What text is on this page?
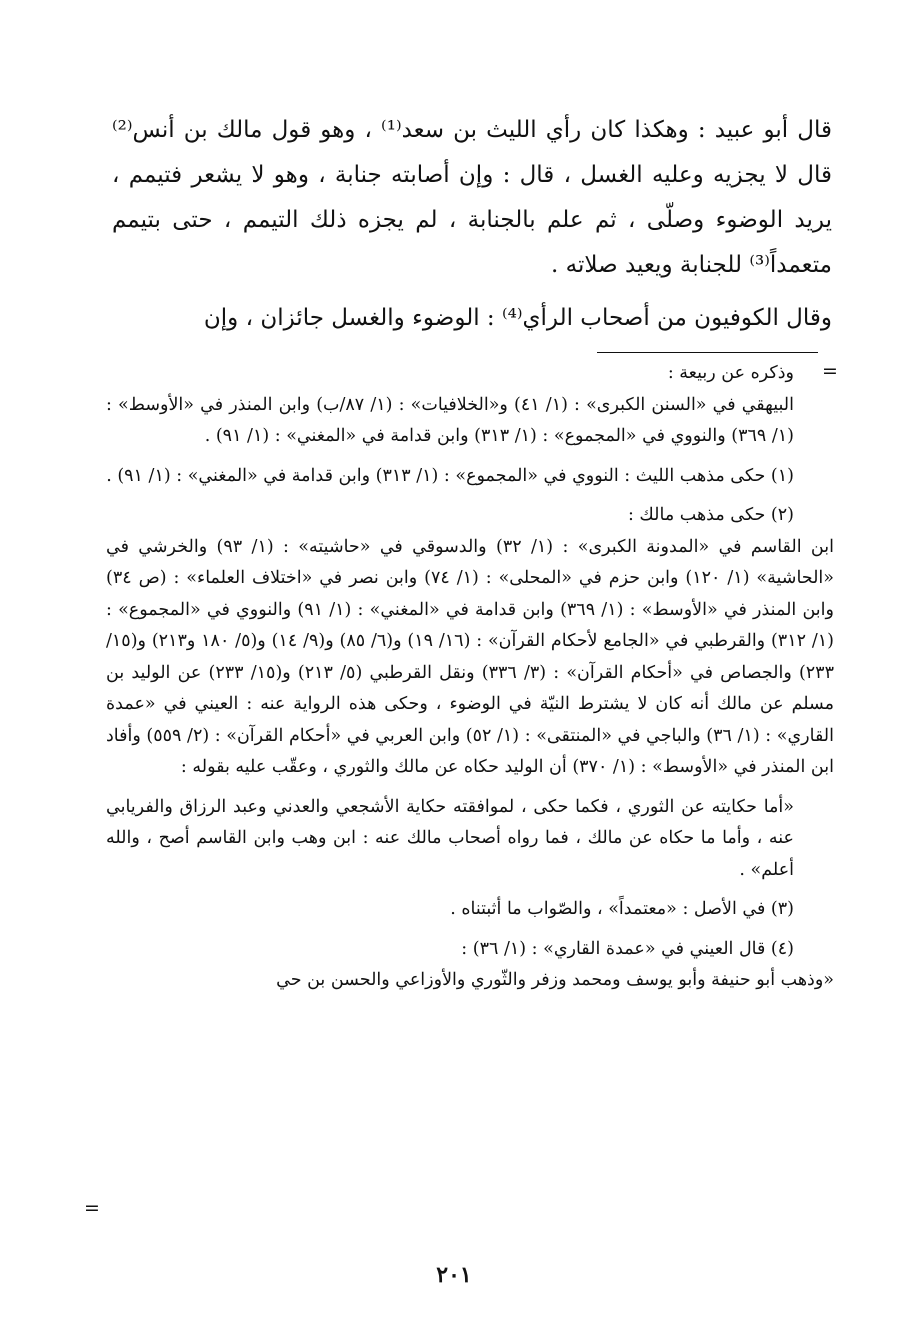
قال أبو عبيد : وهكذا كان رأي الليث بن سعد⁽¹⁾ ، وهو قول مالك بن أنس⁽²⁾ قال لا يجزيه وعليه الغسل ، قال : وإن أصابته جنابة ، وهو لا يشعر فتيمم ، يريد الوضوء وصلّى ، ثم علم بالجنابة ، لم يجزه ذلك التيمم ، حتى بتيمم متعمداً⁽³⁾ للجنابة ويعيد صلاته .

وقال الكوفيون من أصحاب الرأي⁽⁴⁾ : الوضوء والغسل جائزان ، وإن

=

وذكره عن ربيعة :

البيهقي في «السنن الكبرى» : (١/ ٤١) و«الخلافيات» : (١/ ٨٧/ب) وابن المنذر في «الأوسط» : (١/ ٣٦٩) والنووي في «المجموع» : (١/ ٣١٣) وابن قدامة في «المغني» : (١/ ٩١) .

(١) حكى مذهب الليث : النووي في «المجموع» : (١/ ٣١٣) وابن قدامة في «المغني» : (١/ ٩١) .

(٢) حكى مذهب مالك :

ابن القاسم في «المدونة الكبرى» : (١/ ٣٢) والدسوقي في «حاشيته» : (١/ ٩٣) والخرشي في «الحاشية» (١/ ١٢٠) وابن حزم في «المحلى» : (١/ ٧٤) وابن نصر في «اختلاف العلماء» : (ص ٣٤) وابن المنذر في «الأوسط» : (١/ ٣٦٩) وابن قدامة في «المغني» : (١/ ٩١) والنووي في «المجموع» : (١/ ٣١٢) والقرطبي في «الجامع لأحكام القرآن» : (١٦/ ١٩) و(٦/ ٨٥) و(٩/ ١٤) و(٥/ ١٨٠ و٢١٣) و(١٥/ ٢٣٣) والجصاص في «أحكام القرآن» : (٣/ ٣٣٦) ونقل القرطبي (٥/ ٢١٣) و(١٥/ ٢٣٣) عن الوليد بن مسلم عن مالك أنه كان لا يشترط النيّة في الوضوء ، وحكى هذه الرواية عنه : العيني في «عمدة القاري» : (١/ ٣٦) والباجي في «المنتقى» : (١/ ٥٢) وابن العربي في «أحكام القرآن» : (٢/ ٥٥٩) وأفاد ابن المنذر في «الأوسط» : (١/ ٣٧٠) أن الوليد حكاه عن مالك والثوري ، وعقّب عليه بقوله :

«أما حكايته عن الثوري ، فكما حكى ، لموافقته حكاية الأشجعي والعدني وعبد الرزاق والفريابي عنه ، وأما ما حكاه عن مالك ، فما رواه أصحاب مالك عنه : ابن وهب وابن القاسم أصح ، والله أعلم» .

(٣) في الأصل : «معتمداً» ، والصّواب ما أثبتناه .

(٤) قال العيني في «عمدة القاري» : (١/ ٣٦) :

«وذهب أبو حنيفة وأبو يوسف ومحمد وزفر والثّوري والأوزاعي والحسن بن حي

=
٢٠١
